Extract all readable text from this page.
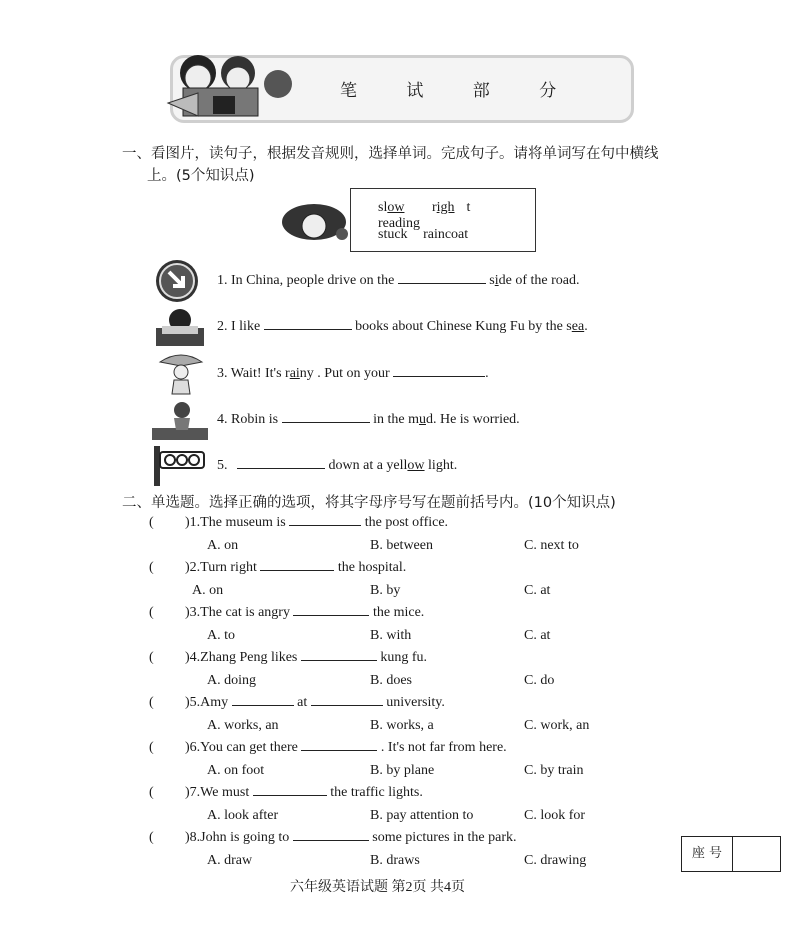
笔 试 部 分
一、看图片，读句子，根据发音规则，选择单词。完成句子。请将单词写在句中横线
上。(5个知识点)
slow righ t reading
stuck raincoat
1. In China, people drive on the	side of the road.
2. I like	books about Chinese Kung Fu by the sea.
3. Wait! It's rainy . Put on your	.
4. Robin is	in the mud. He is worried.
5.	down at a yellow light.
二、单选题。选择正确的选项，将其字母序号写在题前括号内。(10个知识点)
( )1.The museum is	the post office.
A. on	B. between	C. next to
( )2.Turn right	the hospital.
A. on	B. by	C. at
( )3.The cat is angry	the mice.
A. to	B. with	C. at
( )4.Zhang Peng likes	kung fu.
A. doing	B. does	C. do
( )5.Amy	at	university.
A. works, an	B. works, a	C. work, an
( )6.You can get there	. It's not far from here.
A. on foot	B. by plane	C. by train
( )7.We must	the traffic lights.
A. look after	B. pay attention to	C. look for
( )8.John is going to	some pictures in the park.
A. draw	B. draws	C. drawing	座 号
六年级英语试题 第2页 共4页
